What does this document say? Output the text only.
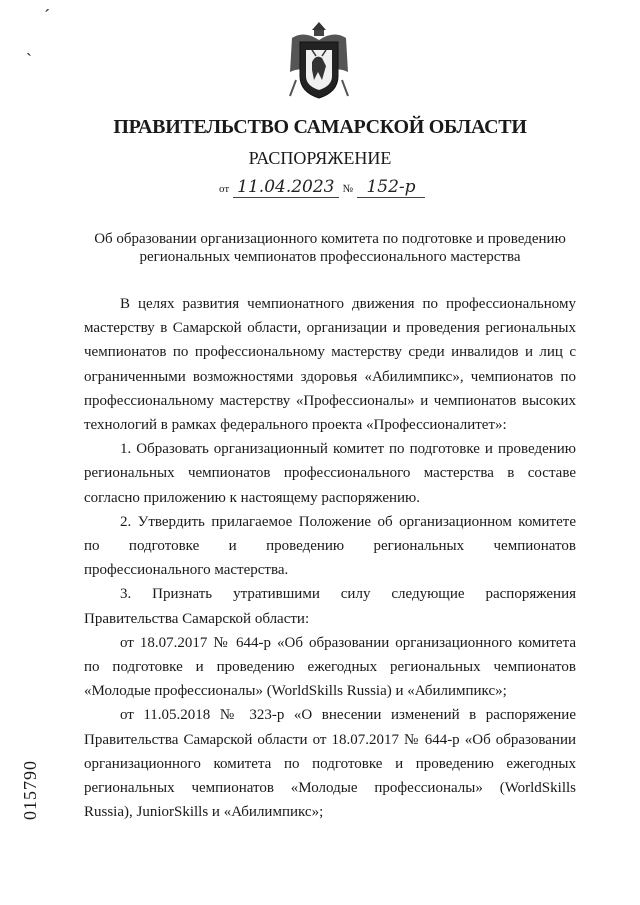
ˊ
ˏ
ПРАВИТЕЛЬСТВО САМАРСКОЙ ОБЛАСТИ
РАСПОРЯЖЕНИЕ
от 11.04.2023 № 152-р
Об образовании организационного комитета по подготовке и проведению
региональных чемпионатов профессионального мастерства

В целях развития чемпионатного движения по профессиональному мастерству в Самарской области, организации и проведения региональных чемпионатов по профессиональному мастерству среди инвалидов и лиц с ограниченными возможностями здоровья «Абилимпикс», чемпионатов по профессиональному мастерству «Профессионалы» и чемпионатов высоких технологий в рамках федерального проекта «Профессионалитет»:

1. Образовать организационный комитет по подготовке и проведению региональных чемпионатов профессионального мастерства в составе согласно приложению к настоящему распоряжению.

2. Утвердить прилагаемое Положение об организационном комитете по подготовке и проведению региональных чемпионатов профессионального мастерства.

3. Признать утратившими силу следующие распоряжения Правительства Самарской области:

от 18.07.2017 № 644-р «Об образовании организационного комитета по подготовке и проведению ежегодных региональных чемпионатов «Молодые профессионалы» (WorldSkills Russia) и «Абилимпикс»;

от 11.05.2018 № 323-р «О внесении изменений в распоряжение Правительства Самарской области от 18.07.2017 № 644-р «Об образовании организационного комитета по подготовке и проведению ежегодных региональных чемпионатов «Молодые профессионалы» (WorldSkills Russia), JuniorSkills и «Абилимпикс»;

015790
